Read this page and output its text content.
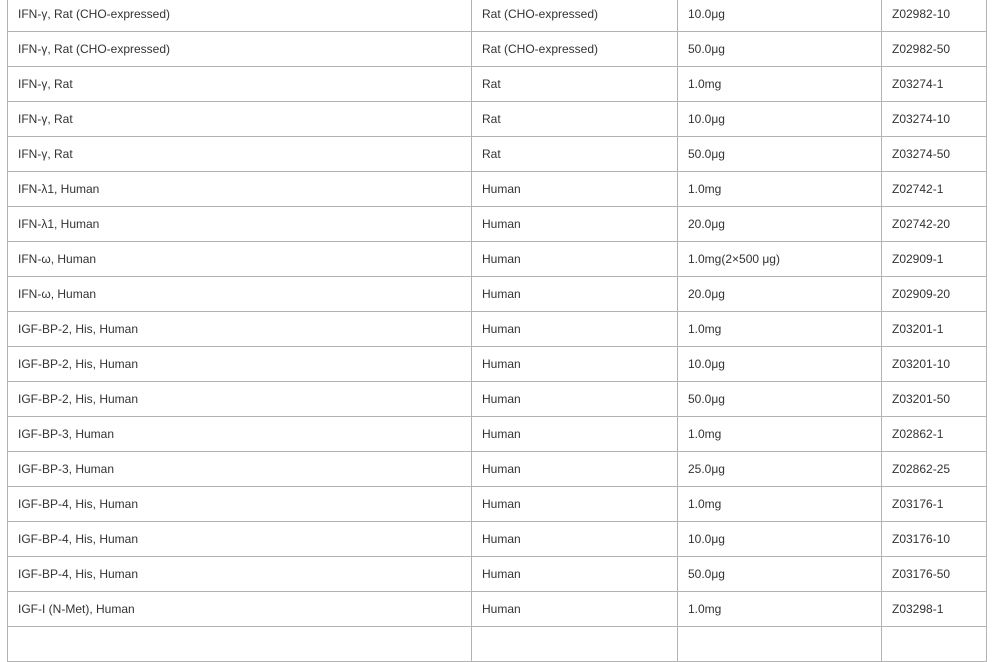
IFN-γ, Rat (CHO-expressed)	Rat (CHO-expressed)	10.0μg	Z02982-10
IFN-γ, Rat (CHO-expressed)	Rat (CHO-expressed)	50.0μg	Z02982-50
IFN-γ, Rat	Rat	1.0mg	Z03274-1
IFN-γ, Rat	Rat	10.0μg	Z03274-10
IFN-γ, Rat	Rat	50.0μg	Z03274-50
IFN-λ1, Human	Human	1.0mg	Z02742-1
IFN-λ1, Human	Human	20.0μg	Z02742-20
IFN-ω, Human	Human	1.0mg(2×500 μg)	Z02909-1
IFN-ω, Human	Human	20.0μg	Z02909-20
IGF-BP-2, His, Human	Human	1.0mg	Z03201-1
IGF-BP-2, His, Human	Human	10.0μg	Z03201-10
IGF-BP-2, His, Human	Human	50.0μg	Z03201-50
IGF-BP-3, Human	Human	1.0mg	Z02862-1
IGF-BP-3, Human	Human	25.0μg	Z02862-25
IGF-BP-4, His, Human	Human	1.0mg	Z03176-1
IGF-BP-4, His, Human	Human	10.0μg	Z03176-10
IGF-BP-4, His, Human	Human	50.0μg	Z03176-50
IGF-I (N-Met), Human	Human	1.0mg	Z03298-1
